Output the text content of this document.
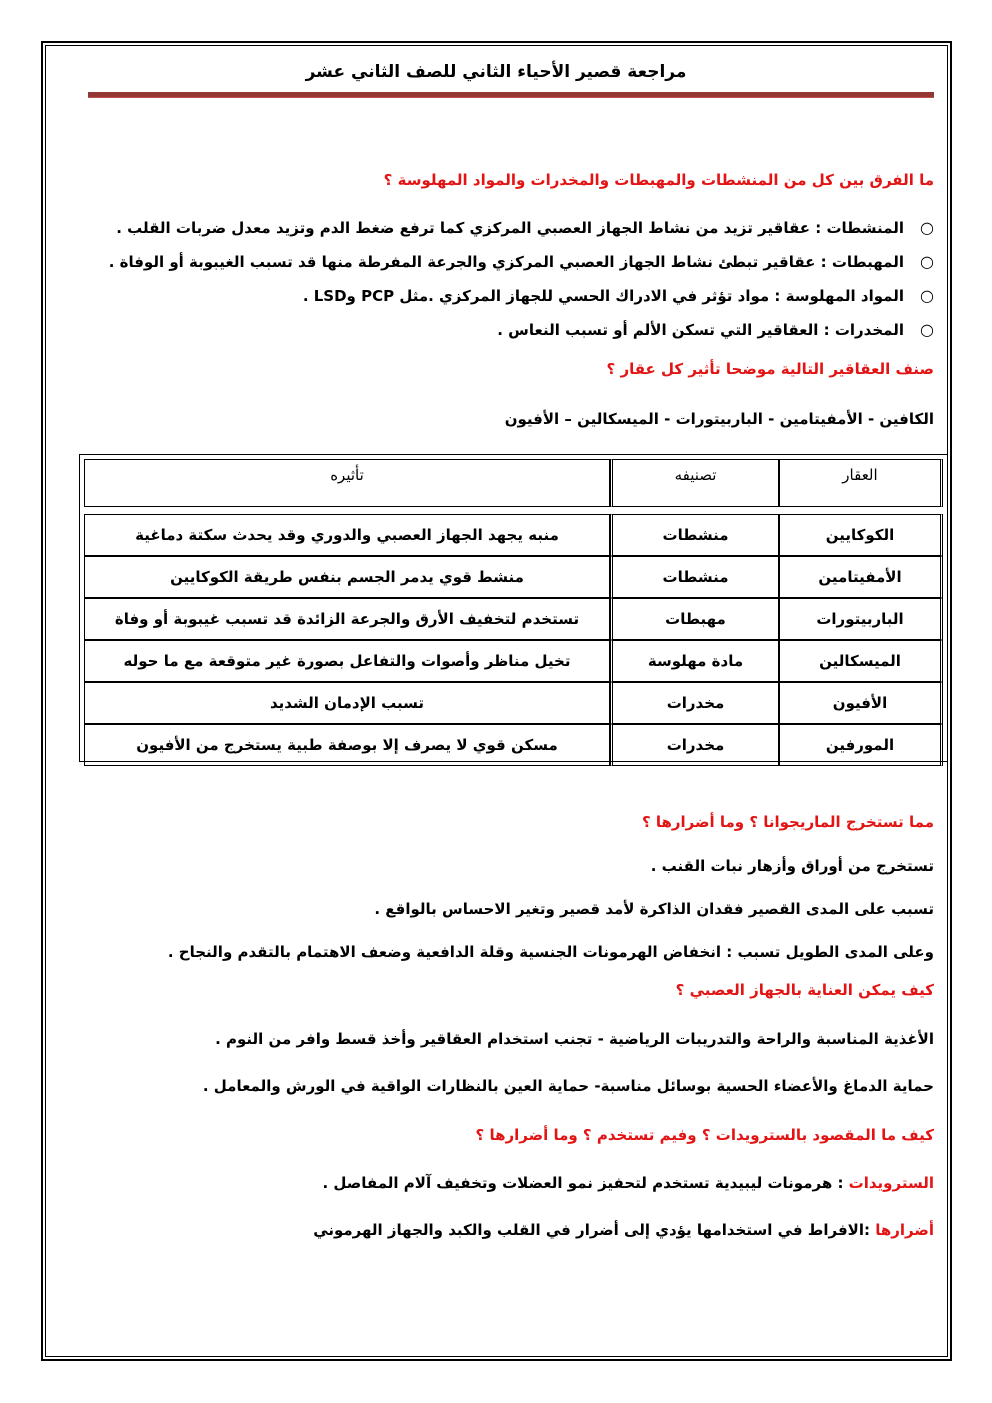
مراجعة قصير الأحياء الثاني للصف الثاني عشر
ما الفرق بين كل من المنشطات والمهبطات والمخدرات والمواد المهلوسة ؟
○
المنشطات : عقاقير تزيد من نشاط الجهاز العصبي المركزي كما ترفع ضغط الدم وتزيد معدل ضربات القلب .
○
المهبطات : عقاقير تبطئ نشاط الجهاز العصبي المركزي والجرعة المفرطة منها قد تسبب الغيبوبة أو الوفاة .
○
المواد المهلوسة : مواد تؤثر في الادراك الحسي للجهاز المركزي .مثل PCP وLSD .
○
المخدرات : العقاقير التي تسكن الألم أو تسبب النعاس .
صنف العقاقير التالية موضحا تأثير كل عقار ؟
الكافين - الأمفيتامين - الباربيتورات - الميسكالين – الأفيون
العقار	تصنيفه	تأثيره

الكوكايين	منشطات	منبه يجهد الجهاز العصبي والدوري وقد يحدث سكتة دماغية
الأمفيتامين	منشطات	منشط قوي يدمر الجسم بنفس طريقة الكوكايين
الباربيتورات	مهبطات	تستخدم لتخفيف الأرق والجرعة الزائدة قد تسبب غيبوبة أو وفاة
الميسكالين	مادة مهلوسة	تخيل مناظر وأصوات والتفاعل بصورة غير متوقعة مع ما حوله
الأفيون	مخدرات	تسبب الإدمان الشديد
المورفين	مخدرات	مسكن قوي لا يصرف إلا بوصفة طبية يستخرج من الأفيون
مما تستخرج الماريجوانا ؟ وما أضرارها ؟
تستخرج من أوراق وأزهار نبات القنب .
تسبب على المدى القصير فقدان الذاكرة لأمد قصير وتغير الاحساس بالواقع .
وعلى المدى الطويل تسبب : انخفاض الهرمونات الجنسية وقلة الدافعية وضعف الاهتمام بالتقدم والنجاح .
كيف يمكن العناية بالجهاز العصبي ؟
الأغذية المناسبة والراحة والتدريبات الرياضية - تجنب استخدام العقاقير وأخذ قسط وافر من النوم .
حماية الدماغ والأعضاء الحسية بوسائل مناسبة- حماية العين بالنظارات الواقية في الورش والمعامل .
كيف ما المقصود بالسترويدات ؟ وفيم تستخدم ؟ وما أضرارها ؟
السترويدات : هرمونات ليبيدية تستخدم لتحفيز نمو العضلات وتخفيف آلام المفاصل .
أضرارها :الافراط في استخدامها يؤدي إلى أضرار في القلب والكبد والجهاز الهرموني
